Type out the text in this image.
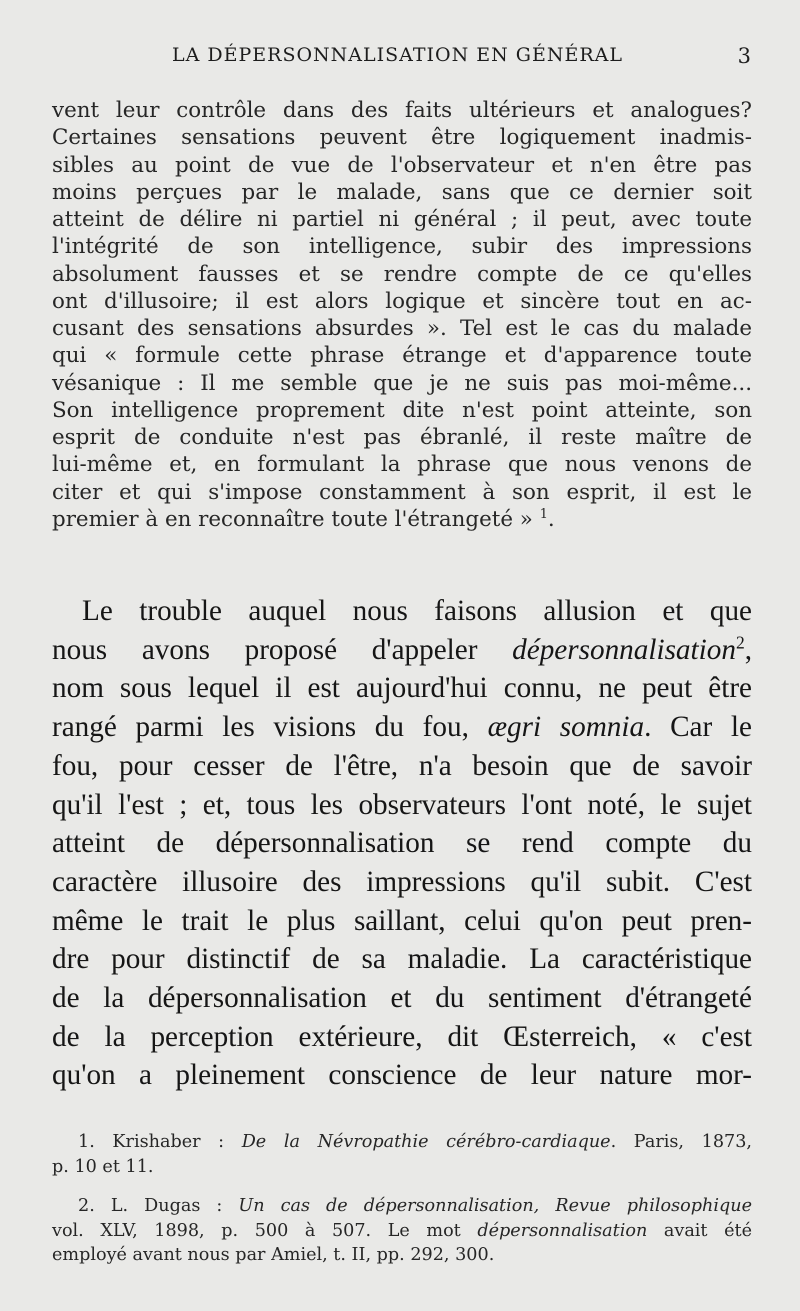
LA DÉPERSONNALISATION EN GÉNÉRAL	3
vent leur contrôle dans des faits ultérieurs et analogues?
Certaines sensations peuvent être logiquement inadmis-
sibles au point de vue de l'observateur et n'en être pas
moins perçues par le malade, sans que ce dernier soit
atteint de délire ni partiel ni général ; il peut, avec toute
l'intégrité de son intelligence, subir des impressions
absolument fausses et se rendre compte de ce qu'elles
ont d'illusoire; il est alors logique et sincère tout en ac-
cusant des sensations absurdes ». Tel est le cas du malade
qui « formule cette phrase étrange et d'apparence toute
vésanique : Il me semble que je ne suis pas moi-même...
Son intelligence proprement dite n'est point atteinte, son
esprit de conduite n'est pas ébranlé, il reste maître de
lui-même et, en formulant la phrase que nous venons de
citer et qui s'impose constamment à son esprit, il est le
premier à en reconnaître toute l'étrangeté » $^1$.
Le trouble auquel nous faisons allusion et que
nous avons proposé d'appeler dépersonnalisation$^2$,
nom sous lequel il est aujourd'hui connu, ne peut être
rangé parmi les visions du fou, ægri somnia. Car le
fou, pour cesser de l'être, n'a besoin que de savoir
qu'il l'est ; et, tous les observateurs l'ont noté, le sujet
atteint de dépersonnalisation se rend compte du
caractère illusoire des impressions qu'il subit. C'est
même le trait le plus saillant, celui qu'on peut pren-
dre pour distinctif de sa maladie. La caractéristique
de la dépersonnalisation et du sentiment d'étrangeté
de la perception extérieure, dit Œsterreich, « c'est
qu'on a pleinement conscience de leur nature mor-
1. Krishaber : De la Névropathie cérébro-cardiaque. Paris, 1873,
p. 10 et 11.
2. L. Dugas : Un cas de dépersonnalisation, Revue philosophique
vol. XLV, 1898, p. 500 à 507. Le mot dépersonnalisation avait été
employé avant nous par Amiel, t. II, pp. 292, 300.
